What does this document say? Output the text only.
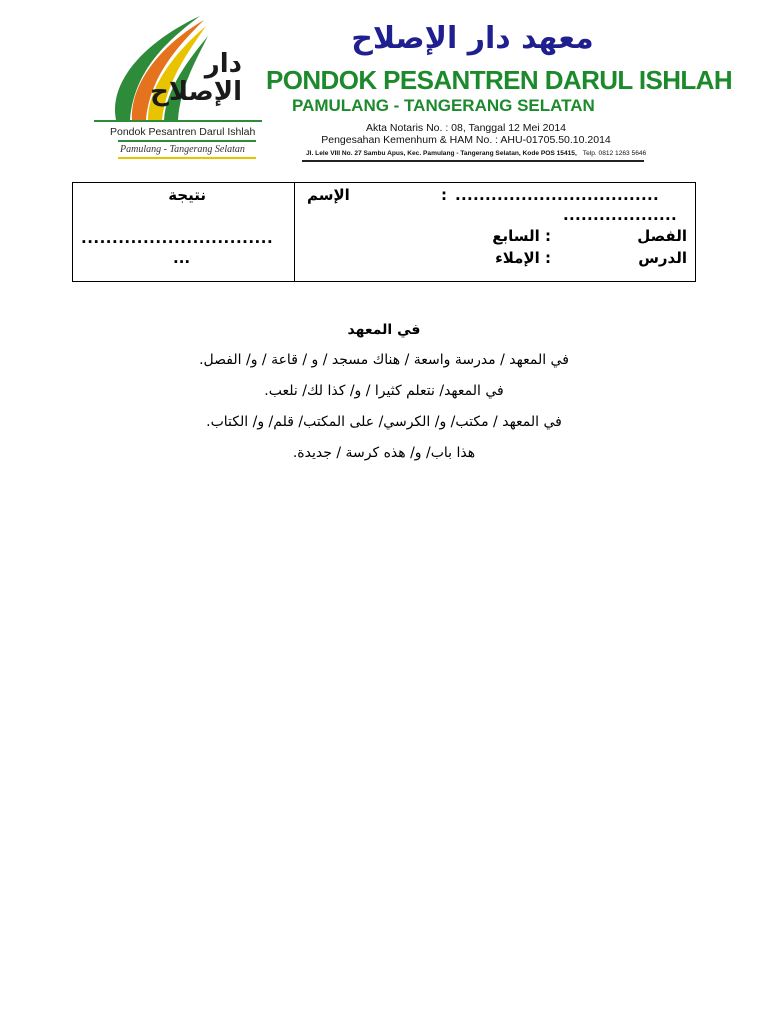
دار الإصلاح
Pondok Pesantren Darul Ishlah
Pamulang - Tangerang Selatan
معهد دار الإصلاح
PONDOK PESANTREN DARUL ISHLAH
PAMULANG - TANGERANG SELATAN
Akta Notaris No. : 08, Tanggal 12 Mei 2014
Pengesahan Kemenhum & HAM No. : AHU-01705.50.10.2014
Jl. Lele VIII No. 27 Sambu Apus, Kec. Pamulang - Tangerang Selatan, Kode POS 15415, Telp. 0812 1263 5646
نتيجة
...............................
...
الإسم	: ..................................
...................
الفصل
: السابع
الدرس
: الإملاء
في المعهد
في المعهد / مدرسة واسعة / هناك مسجد / و / قاعة / و/ الفصل.
في المعهد/ نتعلم كثيرا / و/ كذا لك/ نلعب.
في المعهد / مكتب/ و/ الكرسي/ على المكتب/ قلم/ و/ الكتاب.
هذا باب/ و/ هذه كرسة / جديدة.
